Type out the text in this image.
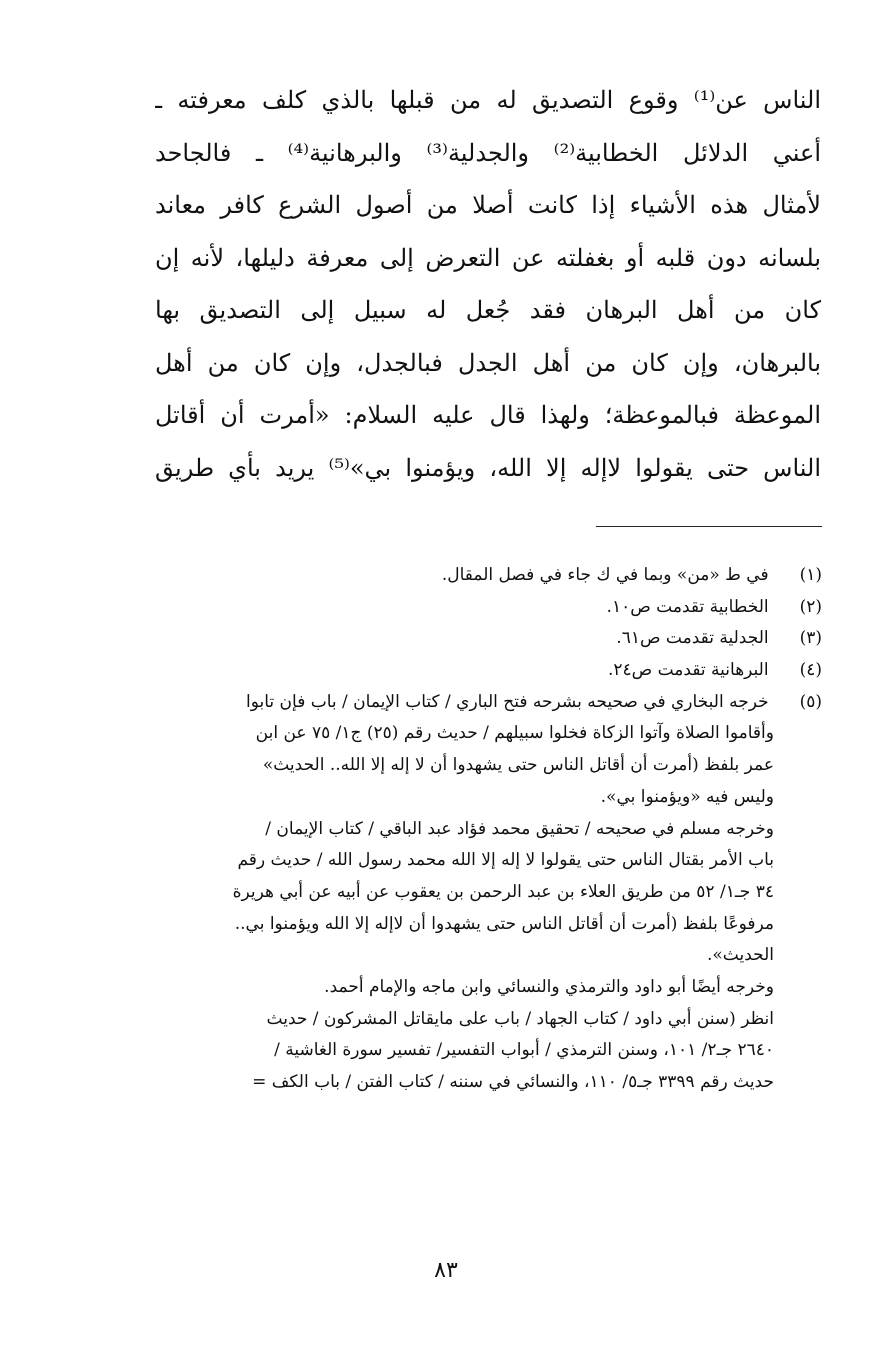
الناس عن⁽¹⁾ وقوع التصديق له من قبلها بالذي كلف معرفته ـ
أعني الدلائل الخطابية⁽²⁾ والجدلية⁽³⁾ والبرهانية⁽⁴⁾ ـ فالجاحد
لأمثال هذه الأشياء إذا كانت أصلا من أصول الشرع كافر معاند
بلسانه دون قلبه أو بغفلته عن التعرض إلى معرفة دليلها، لأنه إن
كان من أهل البرهان فقد جُعل له سبيل إلى التصديق بها
بالبرهان، وإن كان من أهل الجدل فبالجدل، وإن كان من أهل
الموعظة فبالموعظة؛ ولهذا قال عليه السلام: «أمرت أن أقاتل
الناس حتى يقولوا لاإله إلا الله، ويؤمنوا بي»⁽⁵⁾ يريد بأي طريق
(١) في ط «من» وبما في ك جاء في فصل المقال.
(٢) الخطابية تقدمت ص١٠.
(٣) الجدلية تقدمت ص٦١.
(٤) البرهانية تقدمت ص٢٤.
(٥) خرجه البخاري في صحيحه بشرحه فتح الباري / كتاب الإيمان / باب فإن تابوا
وأقاموا الصلاة وآتوا الزكاة فخلوا سبيلهم / حديث رقم (٢٥) ج١/ ٧٥ عن ابن
عمر بلفظ (أمرت أن أقاتل الناس حتى يشهدوا أن لا إله إلا الله.. الحديث»
وليس فيه «ويؤمنوا بي».
وخرجه مسلم في صحيحه / تحقيق محمد فؤاد عبد الباقي / كتاب الإيمان /
باب الأمر بقتال الناس حتى يقولوا لا إله إلا الله محمد رسول الله / حديث رقم
٣٤ جـ١/ ٥٢ من طريق العلاء بن عبد الرحمن بن يعقوب عن أبيه عن أبي هريرة
مرفوعًا بلفظ (أمرت أن أقاتل الناس حتى يشهدوا أن لاإله إلا الله ويؤمنوا بي..
الحديث».
وخرجه أيضًا أبو داود والترمذي والنسائي وابن ماجه والإمام أحمد.
انظر (سنن أبي داود / كتاب الجهاد / باب على مايقاتل المشركون / حديث
٢٦٤٠ جـ٢/ ١٠١، وسنن الترمذي / أبواب التفسير/ تفسير سورة الغاشية /
حديث رقم ٣٣٩٩ جـ٥/ ١١٠، والنسائي في سننه / كتاب الفتن / باب الكف =
٨٣
